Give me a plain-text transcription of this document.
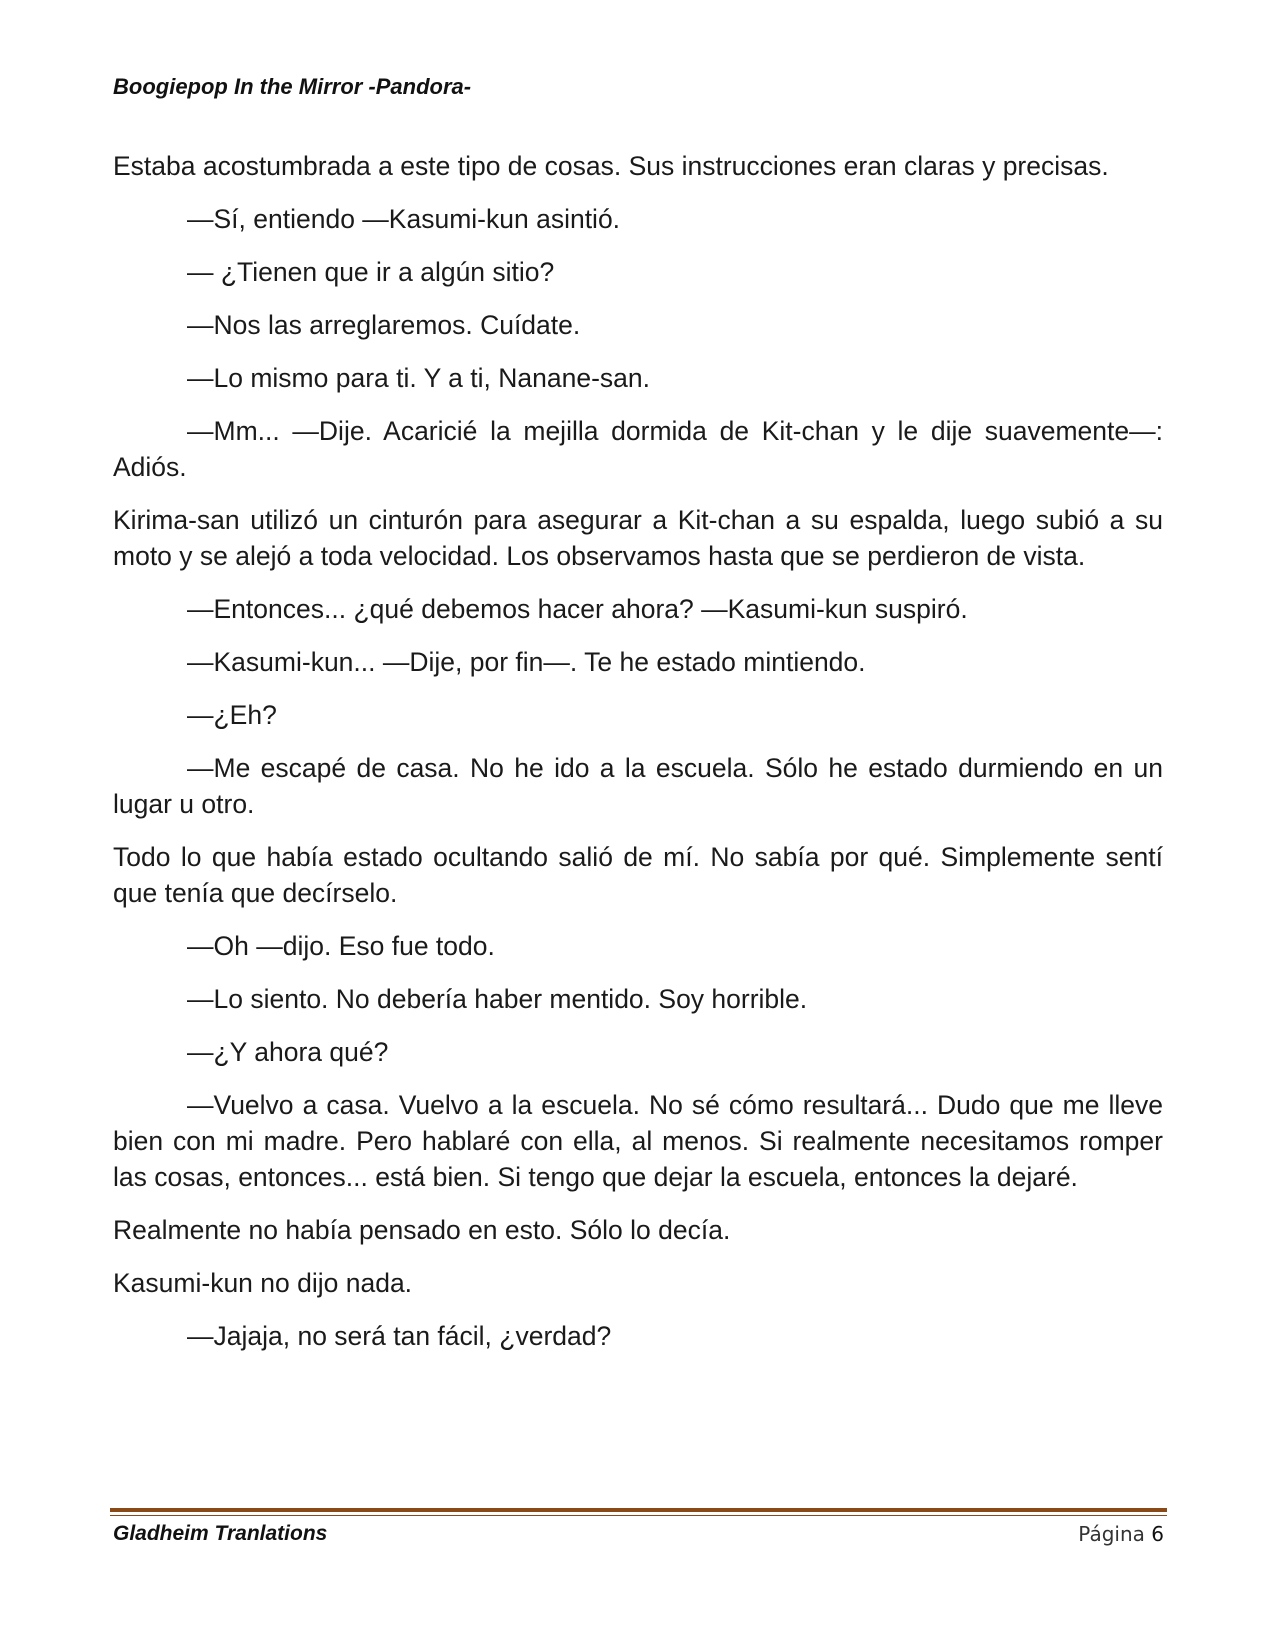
Boogiepop In the Mirror -Pandora-

Estaba acostumbrada a este tipo de cosas. Sus instrucciones eran claras y precisas.

—Sí, entiendo —Kasumi-kun asintió.

— ¿Tienen que ir a algún sitio?

—Nos las arreglaremos. Cuídate.

—Lo mismo para ti. Y a ti, Nanane-san.

—Mm... —Dije. Acaricié la mejilla dormida de Kit-chan y le dije suavemente—: Adiós.

Kirima-san utilizó un cinturón para asegurar a Kit-chan a su espalda, luego subió a su moto y se alejó a toda velocidad. Los observamos hasta que se perdieron de vista.

—Entonces... ¿qué debemos hacer ahora? —Kasumi-kun suspiró.

—Kasumi-kun... —Dije, por fin—. Te he estado mintiendo.

—¿Eh?

—Me escapé de casa. No he ido a la escuela. Sólo he estado durmiendo en un lugar u otro.

Todo lo que había estado ocultando salió de mí. No sabía por qué. Simplemente sentí que tenía que decírselo.

—Oh —dijo. Eso fue todo.

—Lo siento. No debería haber mentido. Soy horrible.

—¿Y ahora qué?

—Vuelvo a casa. Vuelvo a la escuela. No sé cómo resultará... Dudo que me lleve bien con mi madre. Pero hablaré con ella, al menos. Si realmente necesitamos romper las cosas, entonces... está bien. Si tengo que dejar la escuela, entonces la dejaré.

Realmente no había pensado en esto. Sólo lo decía.

Kasumi-kun no dijo nada.

—Jajaja, no será tan fácil, ¿verdad?

Gladheim Tranlations	Página 6
